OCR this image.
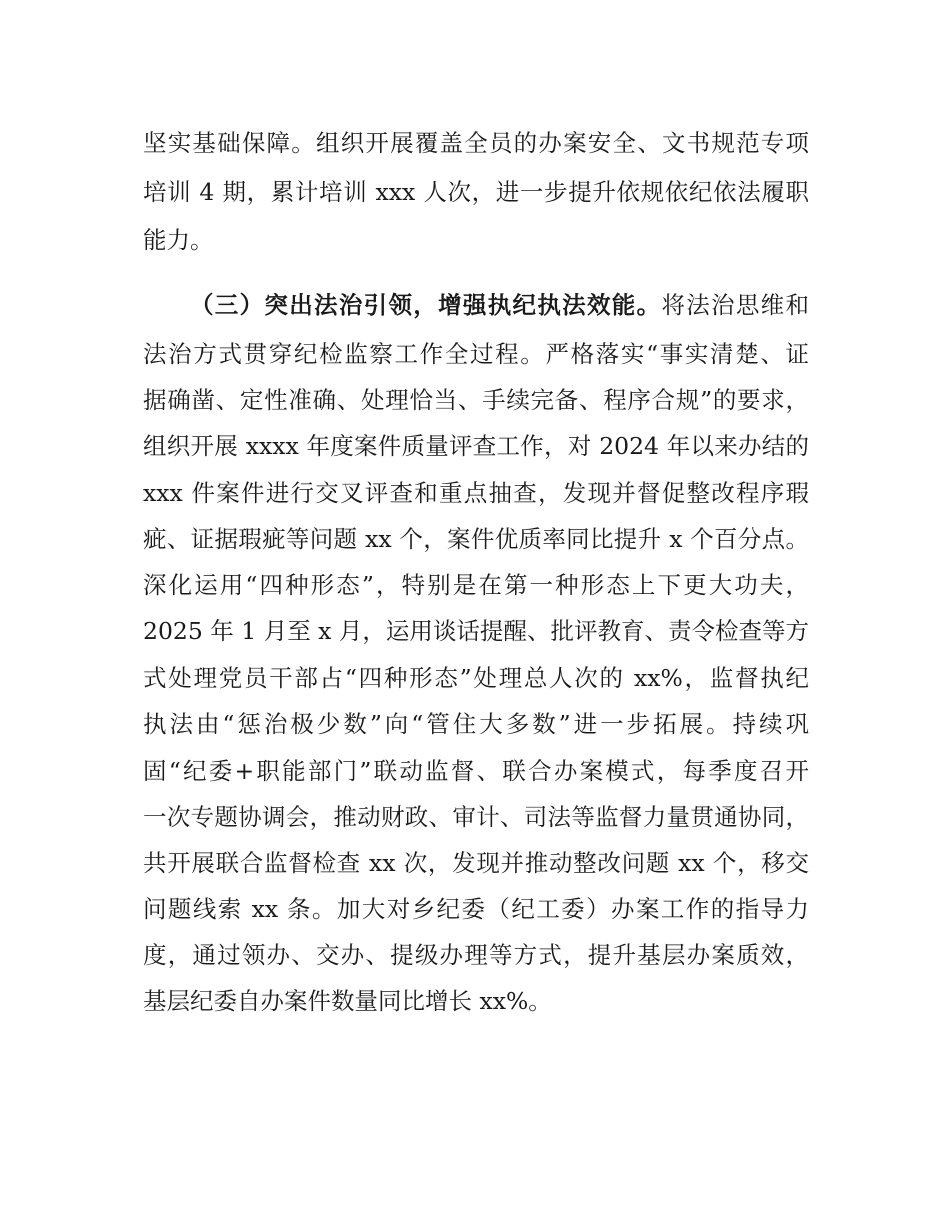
坚实基础保障。组织开展覆盖全员的办案安全、文书规范专项
培训 4 期，累计培训 xxx 人次，进一步提升依规依纪依法履职
能力。
（三）突出法治引领，增强执纪执法效能。将法治思维和
法治方式贯穿纪检监察工作全过程。严格落实“事实清楚、证
据确凿、定性准确、处理恰当、手续完备、程序合规”的要求，
组织开展 xxxx 年度案件质量评查工作，对 2024 年以来办结的
xxx 件案件进行交叉评查和重点抽查，发现并督促整改程序瑕
疵、证据瑕疵等问题 xx 个，案件优质率同比提升 x 个百分点。
深化运用“四种形态”，特别是在第一种形态上下更大功夫，
2025 年 1 月至 x 月，运用谈话提醒、批评教育、责令检查等方
式处理党员干部占“四种形态”处理总人次的 xx%，监督执纪
执法由“惩治极少数”向“管住大多数”进一步拓展。持续巩
固“纪委+职能部门”联动监督、联合办案模式，每季度召开
一次专题协调会，推动财政、审计、司法等监督力量贯通协同，
共开展联合监督检查 xx 次，发现并推动整改问题 xx 个，移交
问题线索 xx 条。加大对乡纪委（纪工委）办案工作的指导力
度，通过领办、交办、提级办理等方式，提升基层办案质效，
基层纪委自办案件数量同比增长 xx%。
